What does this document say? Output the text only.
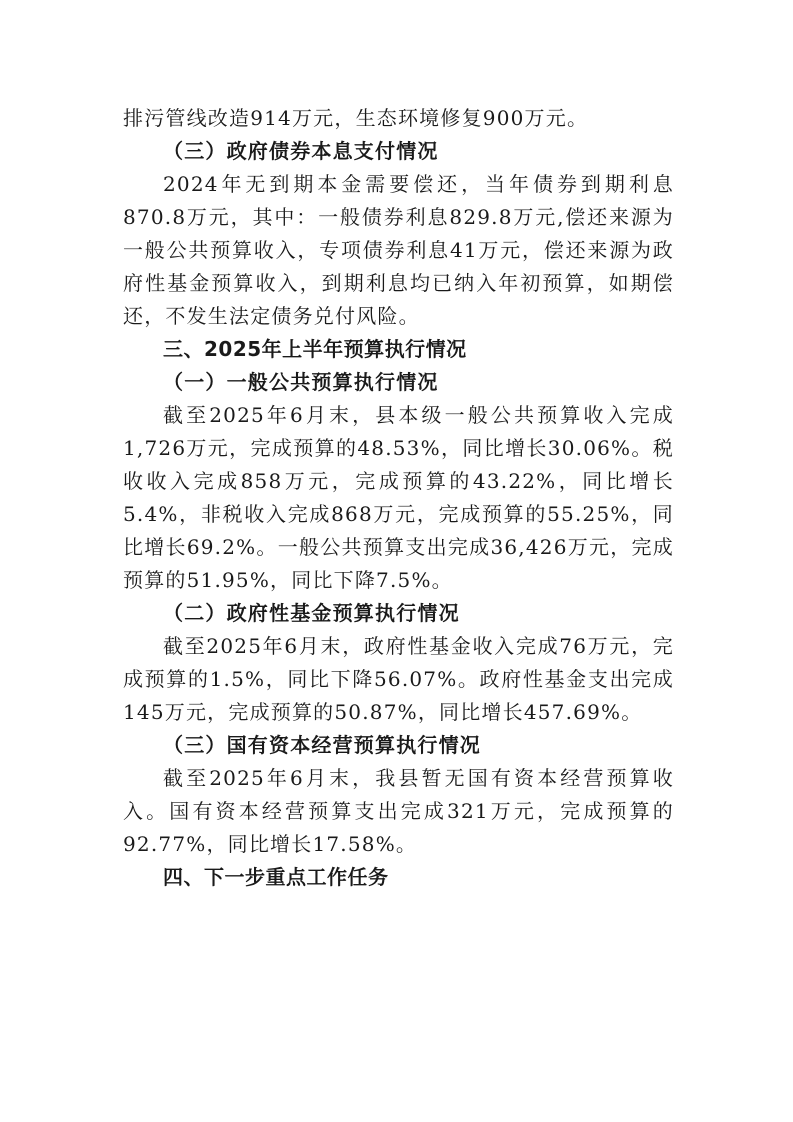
排污管线改造914万元，生态环境修复900万元。

（三）政府债券本息支付情况

2024年无到期本金需要偿还，当年债券到期利息870.8万元，其中：一般债券利息829.8万元,偿还来源为一般公共预算收入，专项债券利息41万元，偿还来源为政府性基金预算收入，到期利息均已纳入年初预算，如期偿还，不发生法定债务兑付风险。

三、2025年上半年预算执行情况

（一）一般公共预算执行情况

截至2025年6月末，县本级一般公共预算收入完成1,726万元，完成预算的48.53%，同比增长30.06%。税收收入完成858万元，完成预算的43.22%，同比增长5.4%，非税收入完成868万元，完成预算的55.25%，同比增长69.2%。一般公共预算支出完成36,426万元，完成预算的51.95%，同比下降7.5%。

（二）政府性基金预算执行情况

截至2025年6月末，政府性基金收入完成76万元，完成预算的1.5%，同比下降56.07%。政府性基金支出完成145万元，完成预算的50.87%，同比增长457.69%。

（三）国有资本经营预算执行情况

截至2025年6月末，我县暂无国有资本经营预算收入。国有资本经营预算支出完成321万元，完成预算的92.77%，同比增长17.58%。

四、下一步重点工作任务
